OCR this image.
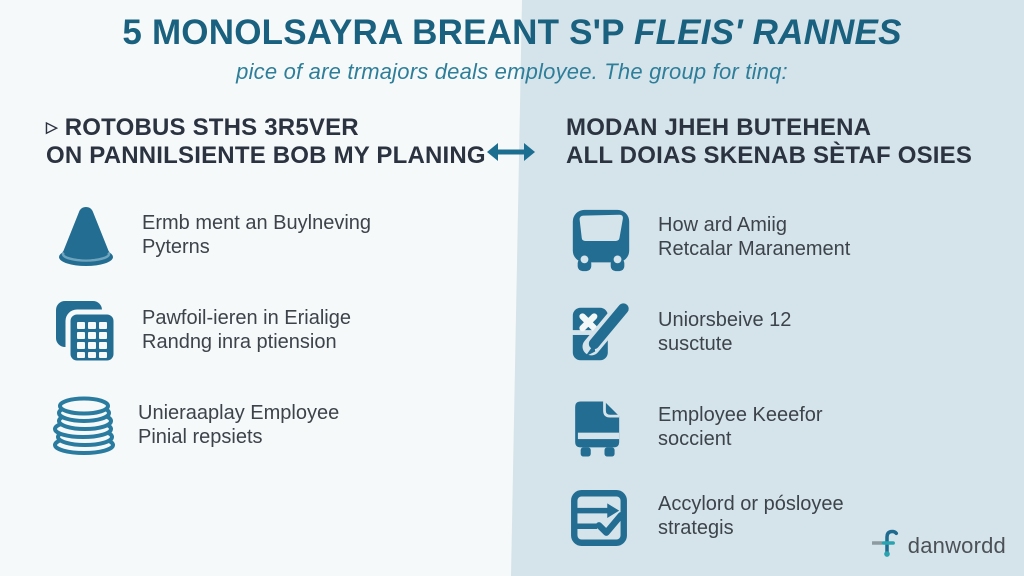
5 MONOLSAYRA BREANT S'P FLEIS' RANNES

pice of are trmajors deals employee. The group for tinq:

▷ ROTOBUS STHS 3R5VER
ON PANNILSIENTE BOB MY PLANING
MODAN JHEH BUTEHENA
ALL DOIAS SKENAB SÈTAF OSIES
Ermb ment an Buylneving
Pyterns
Pawfoil-ieren in Erialige
Randng inra ptiension
Unieraaplay Employee
Pinial repsiets
How ard Amiig
Retcalar Maranement
Uniorsbeive 12
susctute
Employee Keeefor
soccient
Accylord or pósloyee
strategis
danwordd
